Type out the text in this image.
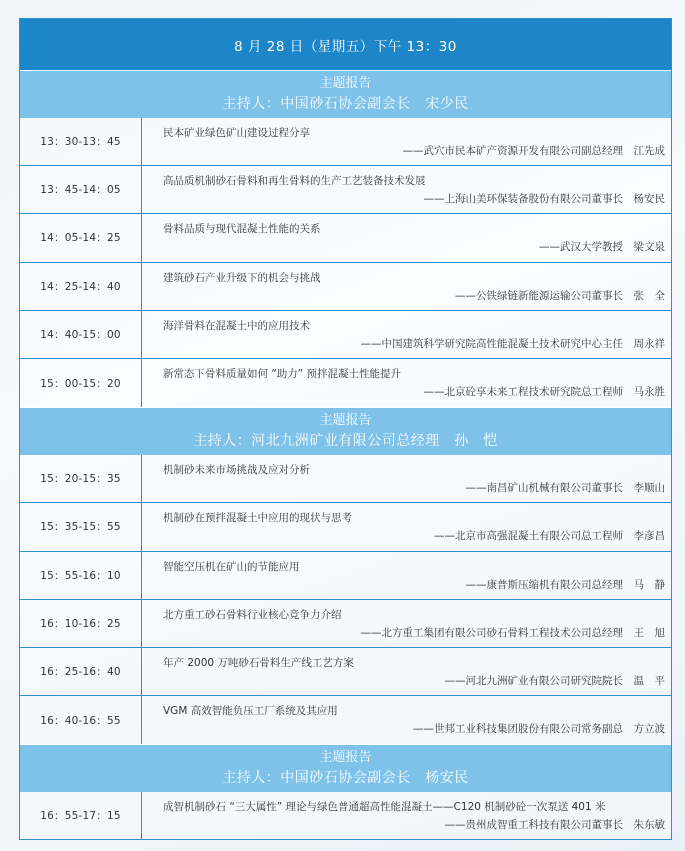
8 月 28 日（星期五）下午 13：30
主题报告
主持人：中国砂石协会副会长　宋少民
13：30-13：45
民本矿业绿色矿山建设过程分享
——武穴市民本矿产资源开发有限公司副总经理　江先成
13：45-14：05
高品质机制砂石骨料和再生骨料的生产工艺装备技术发展
——上海山美环保装备股份有限公司董事长　杨安民
14：05-14：25
骨料品质与现代混凝土性能的关系
——武汉大学教授　梁文泉
14：25-14：40
建筑砂石产业升级下的机会与挑战
——公铁绿链新能源运输公司董事长　张　全
14：40-15：00
海洋骨料在混凝土中的应用技术
——中国建筑科学研究院高性能混凝土技术研究中心主任　周永祥
15：00-15：20
新常态下骨料质量如何 “助力” 预拌混凝土性能提升
——北京砼享未来工程技术研究院总工程师　马永胜
主题报告
主持人：河北九洲矿业有限公司总经理　孙　恺
15：20-15：35
机制砂未来市场挑战及应对分析
——南昌矿山机械有限公司董事长　李顺山
15：35-15：55
机制砂在预拌混凝土中应用的现状与思考
——北京市高强混凝土有限公司总工程师　李彦昌
15：55-16：10
智能空压机在矿山的节能应用
——康普斯压缩机有限公司总经理　马　静
16：10-16：25
北方重工砂石骨料行业核心竞争力介绍
——北方重工集团有限公司砂石骨料工程技术公司总经理　王　旭
16：25-16：40
年产 2000 万吨砂石骨料生产线工艺方案
——河北九洲矿业有限公司研究院院长　温　平
16：40-16：55
VGM 高效智能负压工厂系统及其应用
——世邦工业科技集团股份有限公司常务副总　方立波
主题报告
主持人：中国砂石协会副会长　杨安民
16：55-17：15
成智机制砂石 “三大属性” 理论与绿色普通超高性能混凝土——C120 机制砂砼一次泵送 401 米
——贵州成智重工科技有限公司董事长　朱东敏
